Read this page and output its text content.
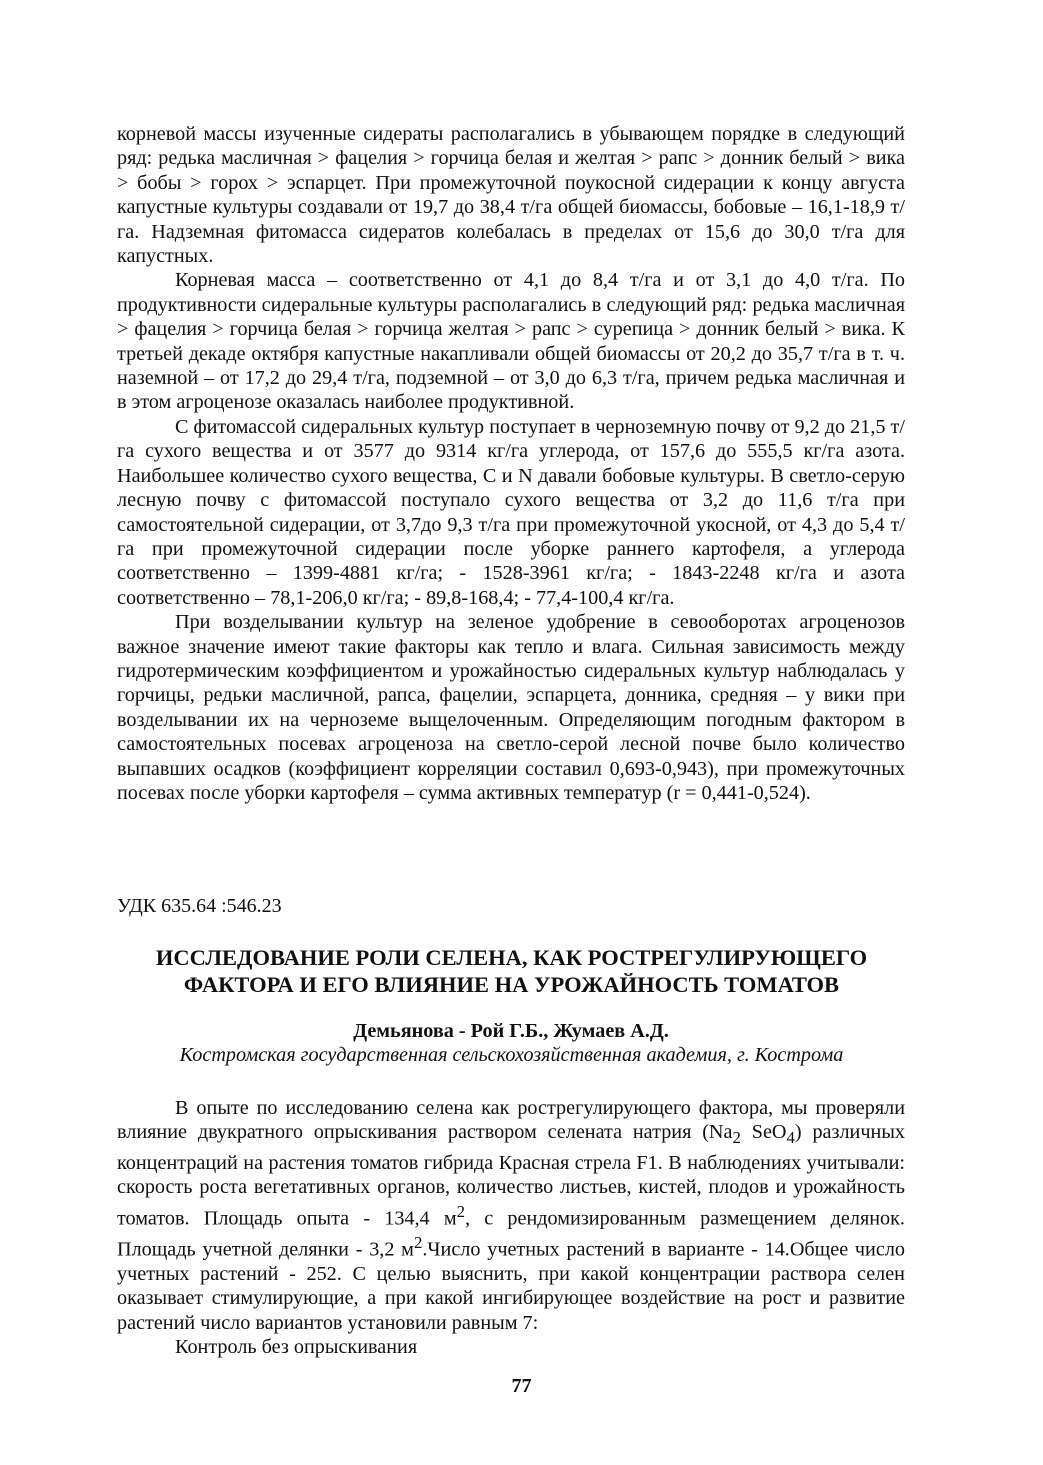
корневой массы изученные сидераты располагались в убывающем порядке в следующий ряд: редька масличная > фацелия > горчица белая и желтая > рапс > донник белый > вика > бобы > горох > эспарцет. При промежуточной поукосной сидерации к концу августа капустные культуры создавали от 19,7 до 38,4 т/га общей биомассы, бобовые – 16,1-18,9 т/га. Надземная фитомасса сидератов колебалась в пределах от 15,6 до 30,0 т/га для капустных.

Корневая масса – соответственно от 4,1 до 8,4 т/га и от 3,1 до 4,0 т/га. По продуктивности сидеральные культуры располагались в следующий ряд: редька масличная > фацелия > горчица белая > горчица желтая > рапс > сурепица > донник белый > вика. К третьей декаде октября капустные накапливали общей биомассы от 20,2 до 35,7 т/га в т. ч. наземной – от 17,2 до 29,4 т/га, подземной – от 3,0 до 6,3 т/га, причем редька масличная и в этом агроценозе оказалась наиболее продуктивной.

С фитомассой сидеральных культур поступает в черноземную почву от 9,2 до 21,5 т/га сухого вещества и от 3577 до 9314 кг/га углерода, от 157,6 до 555,5 кг/га азота. Наибольшее количество сухого вещества, С и N давали бобовые культуры. В светло-серую лесную почву с фитомассой поступало сухого вещества от 3,2 до 11,6 т/га при самостоятельной сидерации, от 3,7до 9,3 т/га при промежуточной укосной, от 4,3 до 5,4 т/га при промежуточной сидерации после уборке раннего картофеля, а углерода соответственно – 1399-4881 кг/га; - 1528-3961 кг/га; - 1843-2248 кг/га и азота соответственно – 78,1-206,0 кг/га; - 89,8-168,4; - 77,4-100,4 кг/га.

При возделывании культур на зеленое удобрение в севооборотах агроценозов важное значение имеют такие факторы как тепло и влага. Сильная зависимость между гидротермическим коэффициентом и урожайностью сидеральных культур наблюдалась у горчицы, редьки масличной, рапса, фацелии, эспарцета, донника, средняя – у вики при возделывании их на черноземе выщелоченным. Определяющим погодным фактором в самостоятельных посевах агроценоза на светло-серой лесной почве было количество выпавших осадков (коэффициент корреляции составил 0,693-0,943), при промежуточных посевах после уборки картофеля – сумма активных температур (r = 0,441-0,524).

УДК 635.64 :546.23
ИССЛЕДОВАНИЕ РОЛИ СЕЛЕНА, КАК РОСТРЕГУЛИРУЮЩЕГО
ФАКТОРА И ЕГО ВЛИЯНИЕ НА УРОЖАЙНОСТЬ ТОМАТОВ
Демьянова - Рой Г.Б., Жумаев А.Д.
Костромская государственная сельскохозяйственная академия, г. Кострома

В опыте по исследованию селена как рострегулирующего фактора, мы проверяли влияние двукратного опрыскивания раствором селената натрия ($Na_2$ SeO$_4$) различных концентраций на растения томатов гибрида Красная стрела F1. В наблюдениях учитывали: скорость роста вегетативных органов, количество листьев, кистей, плодов и урожайность томатов. Площадь опыта - 134,4 $м^2$, с рендомизированным размещением делянок. Площадь учетной делянки - 3,2 $м^2.Число$ учетных растений в варианте - 14.Общее число учетных растений - 252. С целью выяснить, при какой концентрации раствора селен оказывает стимулирующие, а при какой ингибирующее воздействие на рост и развитие растений число вариантов установили равным 7:

Контроль без опрыскивания

77
